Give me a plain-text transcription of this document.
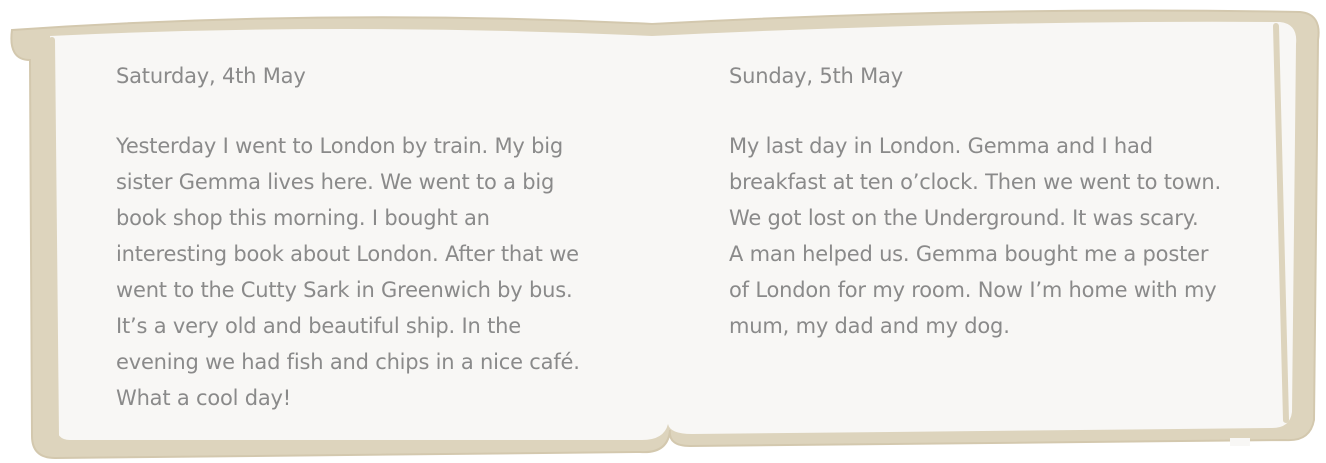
Saturday, 4th May
Yesterday I went to London by train. My big
sister Gemma lives here. We went to a big
book shop this morning. I bought an
interesting book about London. After that we
went to the Cutty Sark in Greenwich by bus.
It’s a very old and beautiful ship. In the
evening we had fish and chips in a nice café.
What a cool day!
Sunday, 5th May
My last day in London. Gemma and I had
breakfast at ten o’clock. Then we went to town.
We got lost on the Underground. It was scary.
A man helped us. Gemma bought me a poster
of London for my room. Now I’m home with my
mum, my dad and my dog.
